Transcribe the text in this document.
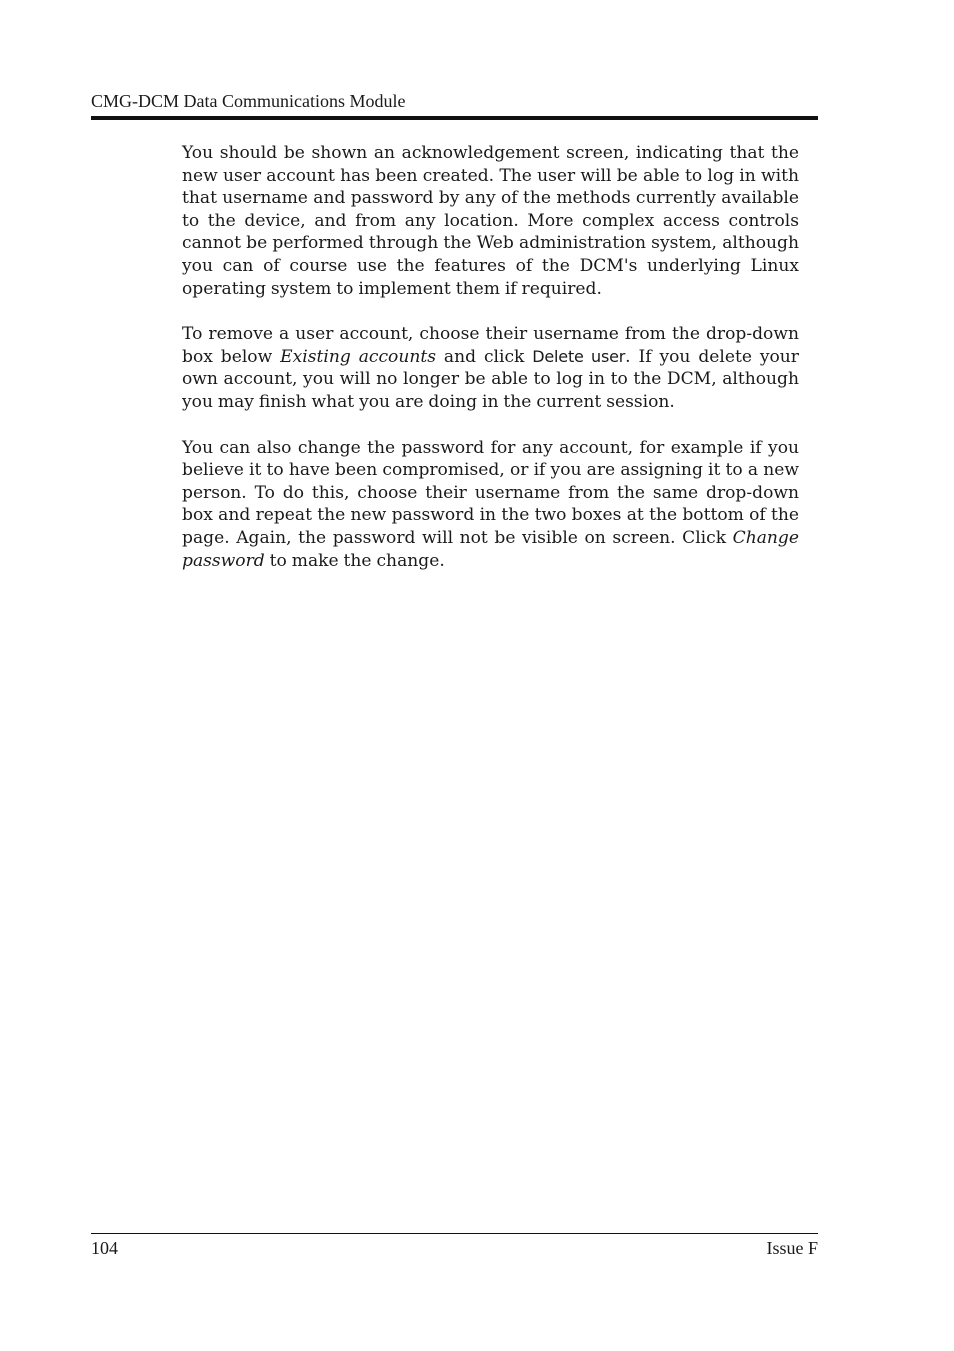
CMG-DCM Data Communications Module

You should be shown an acknowledgement screen, indicating that the new user account has been created. The user will be able to log in with that username and password by any of the methods currently available to the device, and from any location. More complex access controls cannot be performed through the Web administration system, although you can of course use the features of the DCM's underlying Linux operating system to implement them if required.

To remove a user account, choose their username from the drop-down box below Existing accounts and click Delete user. If you delete your own account, you will no longer be able to log in to the DCM, although you may finish what you are doing in the current session.

You can also change the password for any account, for example if you believe it to have been compromised, or if you are assigning it to a new person. To do this, choose their username from the same drop-down box and repeat the new password in the two boxes at the bottom of the page. Again, the password will not be visible on screen. Click Change password to make the change.

104	Issue F
